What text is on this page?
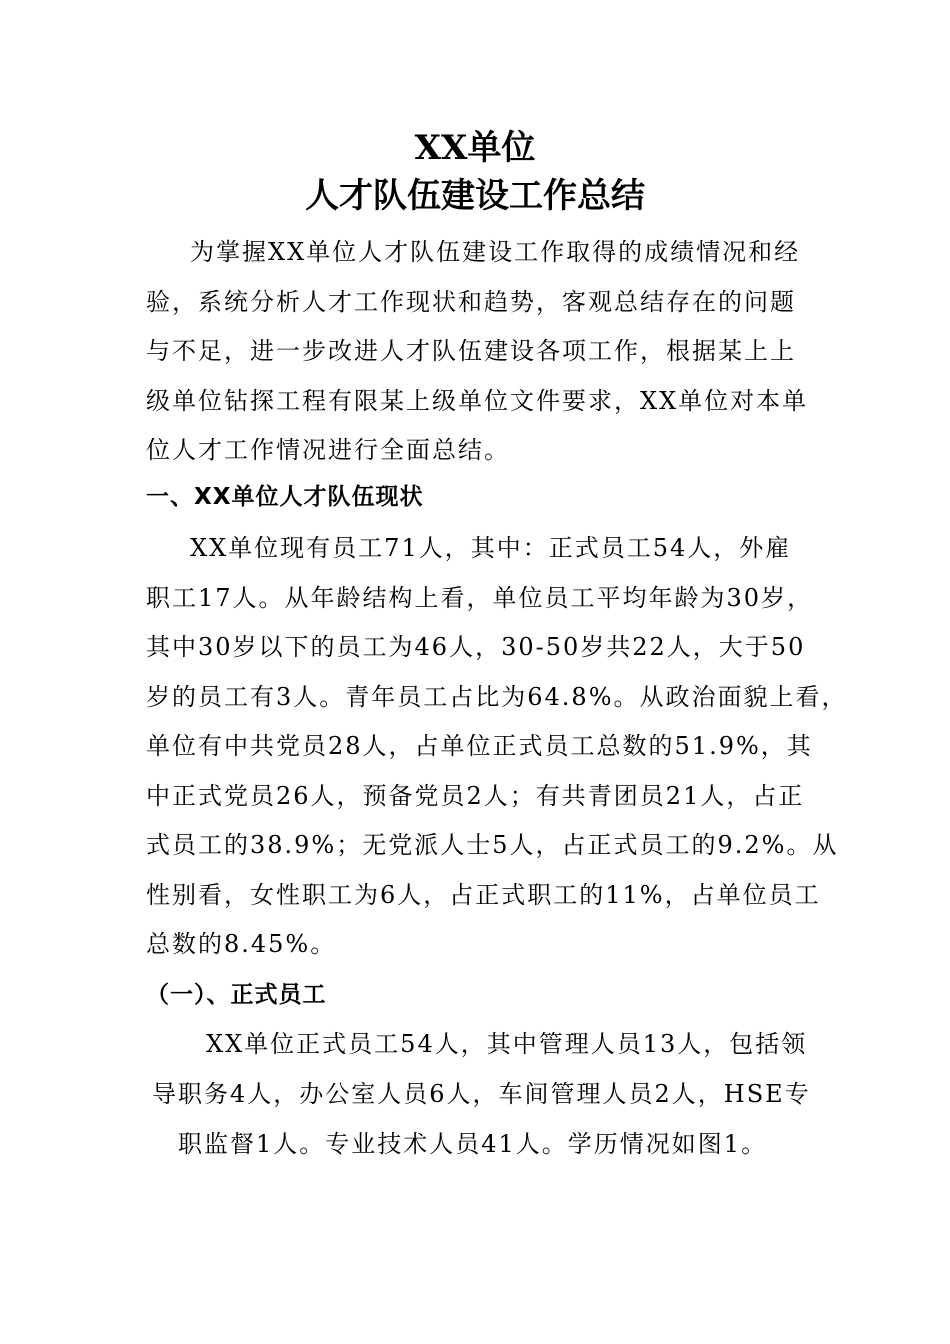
XX单位
人才队伍建设工作总结
为掌握XX单位人才队伍建设工作取得的成绩情况和经
验，系统分析人才工作现状和趋势，客观总结存在的问题
与不足，进一步改进人才队伍建设各项工作，根据某上上
级单位钻探工程有限某上级单位文件要求，XX单位对本单
位人才工作情况进行全面总结。
一、XX单位人才队伍现状
XX单位现有员工71人，其中：正式员工54人，外雇
职工17人。从年龄结构上看，单位员工平均年龄为30岁，
其中30岁以下的员工为46人，30-50岁共22人，大于50
岁的员工有3人。青年员工占比为64.8%。从政治面貌上看，
单位有中共党员28人，占单位正式员工总数的51.9%，其
中正式党员26人，预备党员2人；有共青团员21人，占正
式员工的38.9%；无党派人士5人，占正式员工的9.2%。从
性别看，女性职工为6人，占正式职工的11%，占单位员工
总数的8.45%。
（一）、正式员工
XX单位正式员工54人，其中管理人员13人，包括领
导职务4人，办公室人员6人，车间管理人员2人，HSE专
职监督1人。专业技术人员41人。学历情况如图1。
